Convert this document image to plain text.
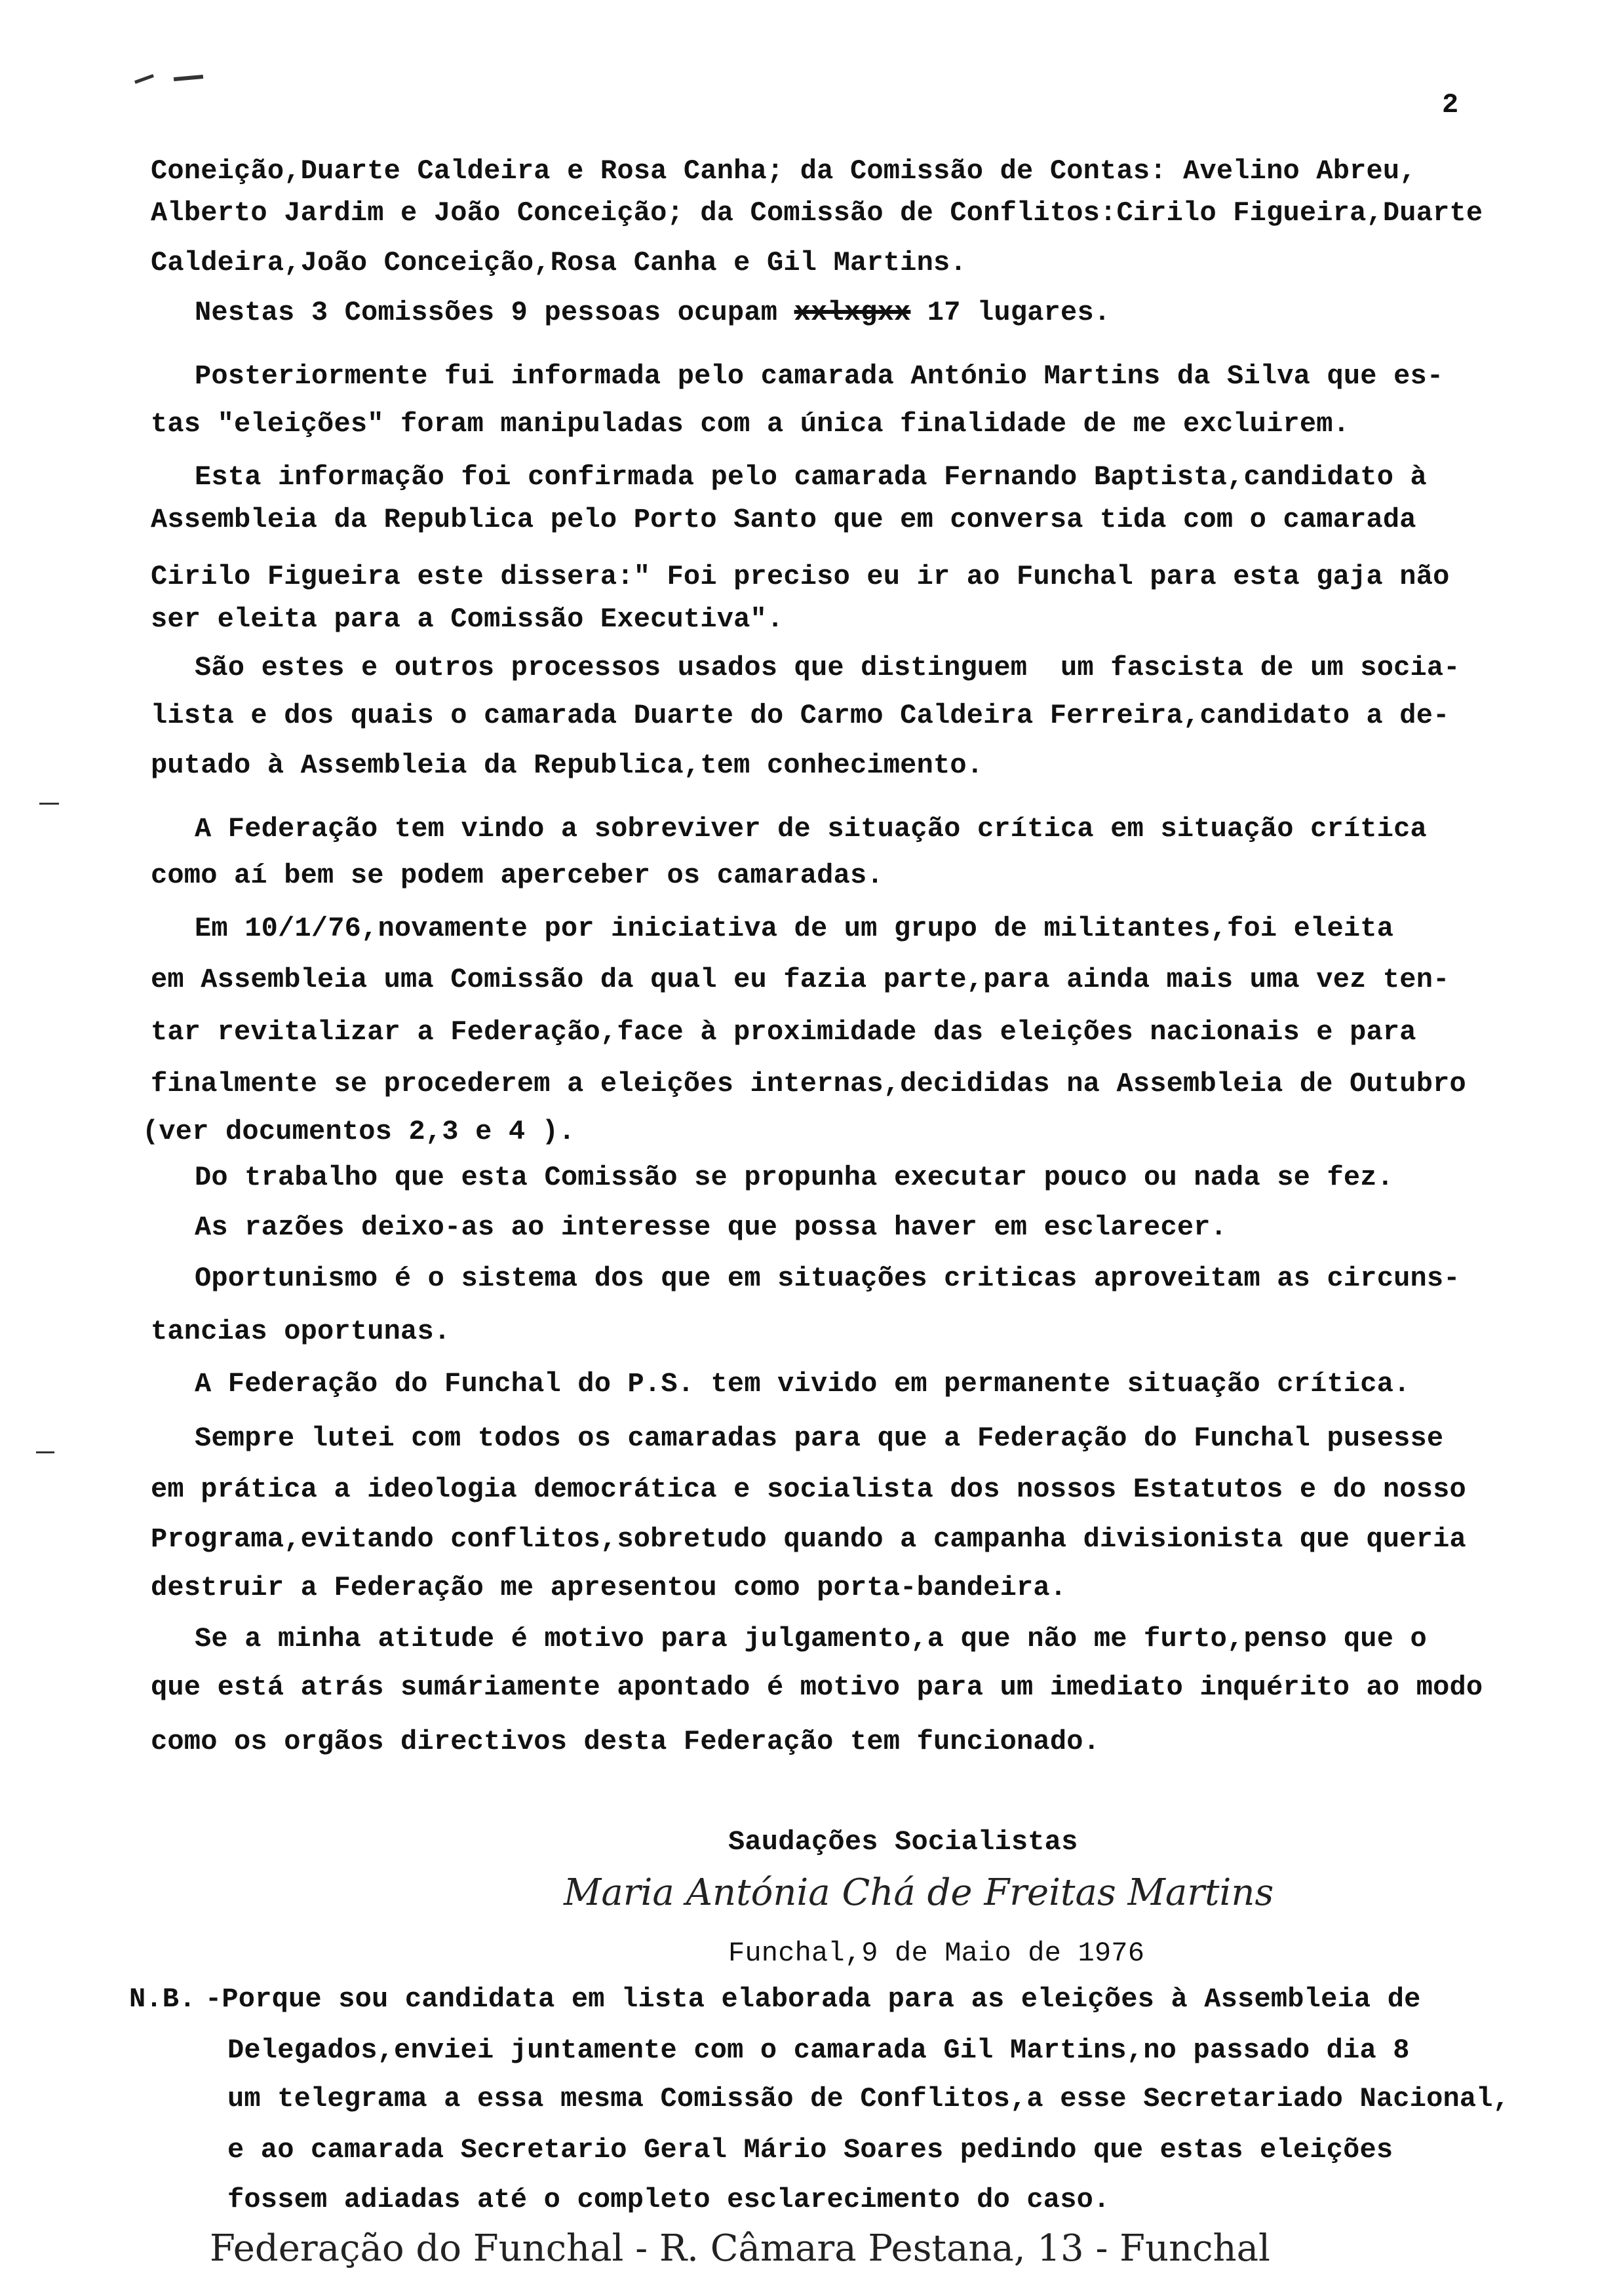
2
Coneição,Duarte Caldeira e Rosa Canha; da Comissão de Contas: Avelino Abreu,
Alberto Jardim e João Conceição; da Comissão de Conflitos:Cirilo Figueira,Duarte
Caldeira,João Conceição,Rosa Canha e Gil Martins.
Nestas 3 Comissões 9 pessoas ocupam xxlxgxx 17 lugares.
Posteriormente fui informada pelo camarada António Martins da Silva que es-
tas "eleições" foram manipuladas com a única finalidade de me excluirem.
Esta informação foi confirmada pelo camarada Fernando Baptista,candidato à
Assembleia da Republica pelo Porto Santo que em conversa tida com o camarada
Cirilo Figueira este dissera:" Foi preciso eu ir ao Funchal para esta gaja não
ser eleita para a Comissão Executiva".
São estes e outros processos usados que distinguem  um fascista de um socia-
lista e dos quais o camarada Duarte do Carmo Caldeira Ferreira,candidato a de-
putado à Assembleia da Republica,tem conhecimento.
A Federação tem vindo a sobreviver de situação crítica em situação crítica
como aí bem se podem aperceber os camaradas.
Em 10/1/76,novamente por iniciativa de um grupo de militantes,foi eleita
em Assembleia uma Comissão da qual eu fazia parte,para ainda mais uma vez ten-
tar revitalizar a Federação,face à proximidade das eleições nacionais e para
finalmente se procederem a eleições internas,decididas na Assembleia de Outubro
(ver documentos 2,3 e 4 ).
Do trabalho que esta Comissão se propunha executar pouco ou nada se fez.
As razões deixo-as ao interesse que possa haver em esclarecer.
Oportunismo é o sistema dos que em situações criticas aproveitam as circuns-
tancias oportunas.
A Federação do Funchal do P.S. tem vivido em permanente situação crítica.
Sempre lutei com todos os camaradas para que a Federação do Funchal pusesse
em prática a ideologia democrática e socialista dos nossos Estatutos e do nosso
Programa,evitando conflitos,sobretudo quando a campanha divisionista que queria
destruir a Federação me apresentou como porta-bandeira.
Se a minha atitude é motivo para julgamento,a que não me furto,penso que o
que está atrás sumáriamente apontado é motivo para um imediato inquérito ao modo
como os orgãos directivos desta Federação tem funcionado.
Saudações Socialistas
Maria Antónia Chá de Freitas Martins
Funchal,9 de Maio de 1976
N.B. -Porque sou candidata em lista elaborada para as eleições à Assembleia de
Delegados,enviei juntamente com o camarada Gil Martins,no passado dia 8
um telegrama a essa mesma Comissão de Conflitos,a esse Secretariado Nacional,
e ao camarada Secretario Geral Mário Soares pedindo que estas eleições
fossem adiadas até o completo esclarecimento do caso.
Federação do Funchal - R. Câmara Pestana, 13 - Funchal
